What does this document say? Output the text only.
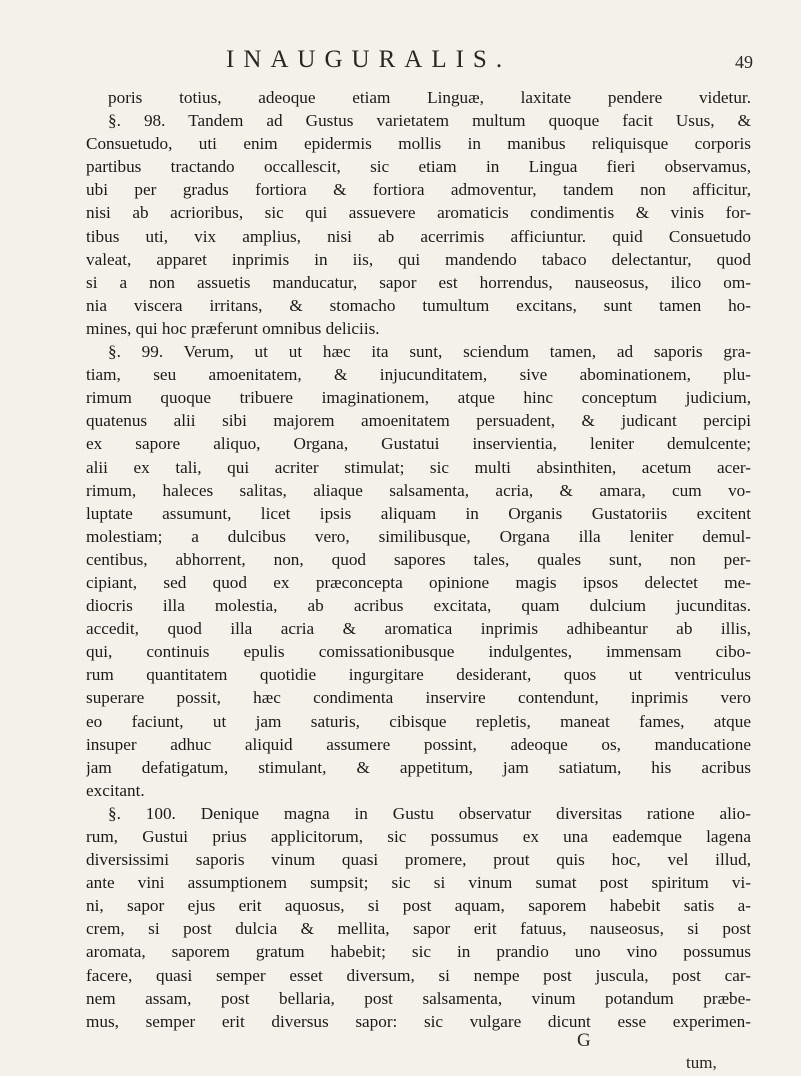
INAUGURALIS.	49
poris totius, adeoque etiam Linguæ, laxitate pendere videtur.
§. 98. Tandem ad Gustus varietatem multum quoque facit Usus, &
Consuetudo, uti enim epidermis mollis in manibus reliquisque corporis
partibus tractando occallescit, sic etiam in Lingua fieri observamus,
ubi per gradus fortiora & fortiora admoventur, tandem non afficitur,
nisi ab acrioribus, sic qui assuevere aromaticis condimentis & vinis for-
tibus uti, vix amplius, nisi ab acerrimis afficiuntur. quid Consuetudo
valeat, apparet inprimis in iis, qui mandendo tabaco delectantur, quod
si a non assuetis manducatur, sapor est horrendus, nauseosus, ilico om-
nia viscera irritans, & stomacho tumultum excitans, sunt tamen ho-
mines, qui hoc præferunt omnibus deliciis.
§. 99. Verum, ut ut hæc ita sunt, sciendum tamen, ad saporis gra-
tiam, seu amoenitatem, & injucunditatem, sive abominationem, plu-
rimum quoque tribuere imaginationem, atque hinc conceptum judicium,
quatenus alii sibi majorem amoenitatem persuadent, & judicant percipi
ex sapore aliquo, Organa, Gustatui inservientia, leniter demulcente;
alii ex tali, qui acriter stimulat; sic multi absinthiten, acetum acer-
rimum, haleces salitas, aliaque salsamenta, acria, & amara, cum vo-
luptate assumunt, licet ipsis aliquam in Organis Gustatoriis excitent
molestiam; a dulcibus vero, similibusque, Organa illa leniter demul-
centibus, abhorrent, non, quod sapores tales, quales sunt, non per-
cipiant, sed quod ex præconcepta opinione magis ipsos delectet me-
diocris illa molestia, ab acribus excitata, quam dulcium jucunditas.
accedit, quod illa acria & aromatica inprimis adhibeantur ab illis,
qui, continuis epulis comissationibusque indulgentes, immensam cibo-
rum quantitatem quotidie ingurgitare desiderant, quos ut ventriculus
superare possit, hæc condimenta inservire contendunt, inprimis vero
eo faciunt, ut jam saturis, cibisque repletis, maneat fames, atque
insuper adhuc aliquid assumere possint, adeoque os, manducatione
jam defatigatum, stimulant, & appetitum, jam satiatum, his acribus
excitant.
§. 100. Denique magna in Gustu observatur diversitas ratione alio-
rum, Gustui prius applicitorum, sic possumus ex una eademque lagena
diversissimi saporis vinum quasi promere, prout quis hoc, vel illud,
ante vini assumptionem sumpsit; sic si vinum sumat post spiritum vi-
ni, sapor ejus erit aquosus, si post aquam, saporem habebit satis a-
crem, si post dulcia & mellita, sapor erit fatuus, nauseosus, si post
aromata, saporem gratum habebit; sic in prandio uno vino possumus
facere, quasi semper esset diversum, si nempe post jusculа, post car-
nem assam, post bellaria, post salsamenta, vinum potandum præbe-
mus, semper erit diversus sapor: sic vulgare dicunt esse experimen-
G
tum,
